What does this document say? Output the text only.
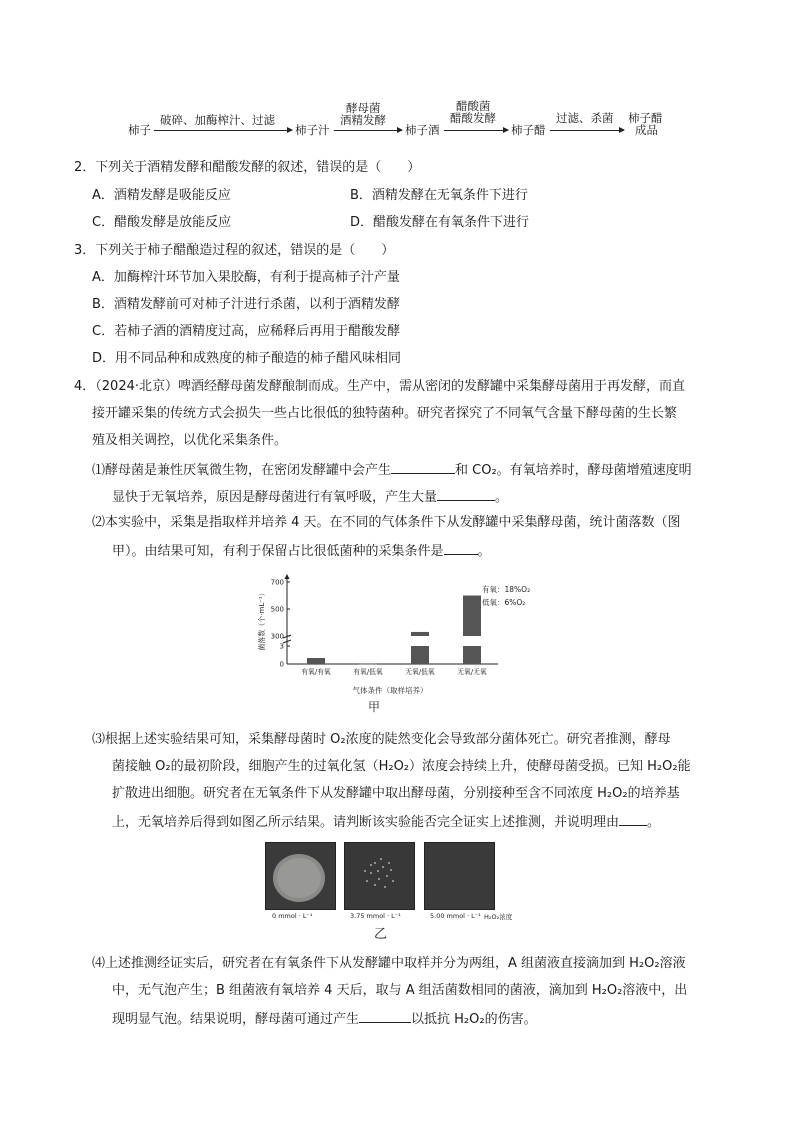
柿子
破碎、加酶榨汁、过滤
柿子汁
酵母菌
酒精发酵
柿子酒
醋酸菌
醋酸发酵
柿子醋
过滤、杀菌 柿子醋
成品
2．下列关于酒精发酵和醋酸发酵的叙述，错误的是（　　）
A．酒精发酵是吸能反应	B．酒精发酵在无氧条件下进行
C．醋酸发酵是放能反应	D．醋酸发酵在有氧条件下进行
3．下列关于柿子醋酿造过程的叙述，错误的是（　　）
A．加酶榨汁环节加入果胶酶，有利于提高柿子汁产量
B．酒精发酵前可对柿子汁进行杀菌，以利于酒精发酵
C．若柿子酒的酒精度过高，应稀释后再用于醋酸发酵
D．用不同品种和成熟度的柿子酿造的柿子醋风味相同
4．（2024·北京）啤酒经酵母菌发酵酿制而成。生产中，需从密闭的发酵罐中采集酵母菌用于再发酵，而直
接开罐采集的传统方式会损失一些占比很低的独特菌种。研究者探究了不同氧气含量下酵母菌的生长繁
殖及相关调控，以优化采集条件。
⑴酵母菌是兼性厌氧微生物，在密闭发酵罐中会产生	和 CO₂。有氧培养时，酵母菌增殖速度明
显快于无氧培养，原因是酵母菌进行有氧呼吸，产生大量	。
⑵本实验中，采集是指取样并培养 4 天。在不同的气体条件下从发酵罐中采集酵母菌，统计菌落数（图
甲）。由结果可知，有利于保留占比很低菌种的采集条件是	。
0
3
300
500
700
有氧/有氧	有氧/低氧	无氧/低氧	无氧/无氧
菌落数（个·mL⁻¹）
气体条件（取样培养）
甲
有氧：18%O₂
低氧：6%O₂
⑶根据上述实验结果可知，采集酵母菌时 O₂浓度的陡然变化会导致部分菌体死亡。研究者推测，酵母
菌接触 O₂的最初阶段，细胞产生的过氧化氢（H₂O₂）浓度会持续上升，使酵母菌受损。已知 H₂O₂能
扩散进出细胞。研究者在无氧条件下从发酵罐中取出酵母菌，分别接种至含不同浓度 H₂O₂的培养基
上，无氧培养后得到如图乙所示结果。请判断该实验能否完全证实上述推测，并说明理由 。
0 mmol · L⁻¹	3.75 mmol · L⁻¹	5.00 mmol · L⁻¹ H₂O₂浓度
乙
⑷上述推测经证实后，研究者在有氧条件下从发酵罐中取样并分为两组，A 组菌液直接滴加到 H₂O₂溶液
中，无气泡产生；B 组菌液有氧培养 4 天后，取与 A 组活菌数相同的菌液，滴加到 H₂O₂溶液中，出
现明显气泡。结果说明，酵母菌可通过产生	以抵抗 H₂O₂的伤害。
